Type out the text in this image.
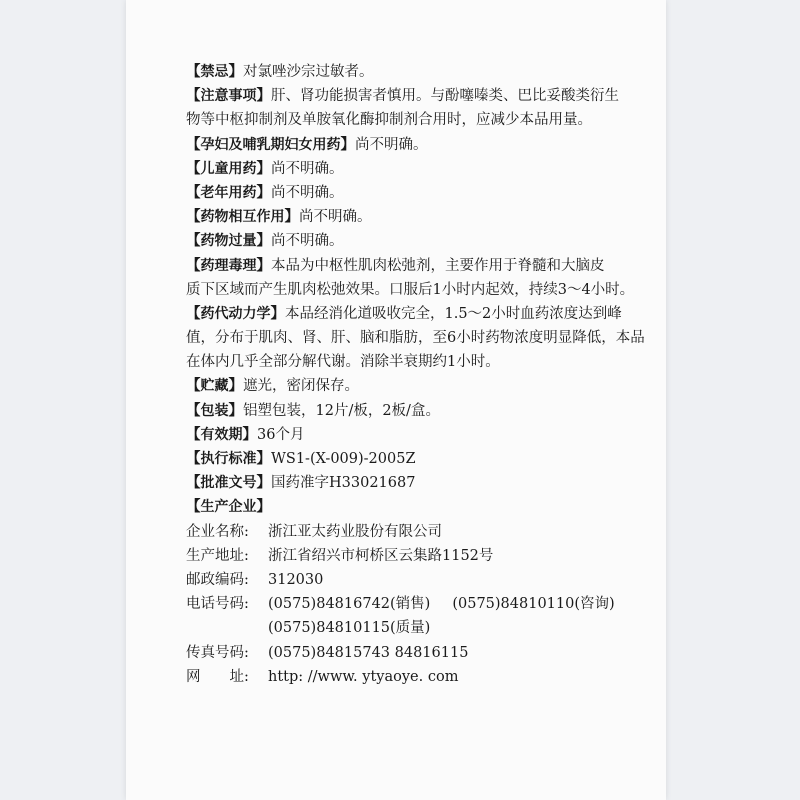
【禁忌】对氯唑沙宗过敏者。
【注意事项】肝、肾功能损害者慎用。与酚噻嗪类、巴比妥酸类衍生
物等中枢抑制剂及单胺氧化酶抑制剂合用时，应减少本品用量。
【孕妇及哺乳期妇女用药】尚不明确。
【儿童用药】尚不明确。
【老年用药】尚不明确。
【药物相互作用】尚不明确。
【药物过量】尚不明确。
【药理毒理】本品为中枢性肌肉松弛剂，主要作用于脊髓和大脑皮
质下区域而产生肌肉松弛效果。口服后1小时内起效，持续3～4小时。
【药代动力学】本品经消化道吸收完全，1.5～2小时血药浓度达到峰
值，分布于肌肉、肾、肝、脑和脂肪，至6小时药物浓度明显降低，本品
在体内几乎全部分解代谢。消除半衰期约1小时。
【贮藏】遮光，密闭保存。
【包装】铝塑包装，12片/板，2板/盒。
【有效期】36个月
【执行标准】WS1-(X-009)-2005Z
【批准文号】国药准字H33021687
【生产企业】
企业名称:	浙江亚太药业股份有限公司
生产地址:	浙江省绍兴市柯桥区云集路1152号
邮政编码:	312030
电话号码:	(0575)84816742(销售) (0575)84810110(咨询)
(0575)84810115(质量)
传真号码:	(0575)84815743 84816115
网　　址:	http: //www. ytyaoye. com
